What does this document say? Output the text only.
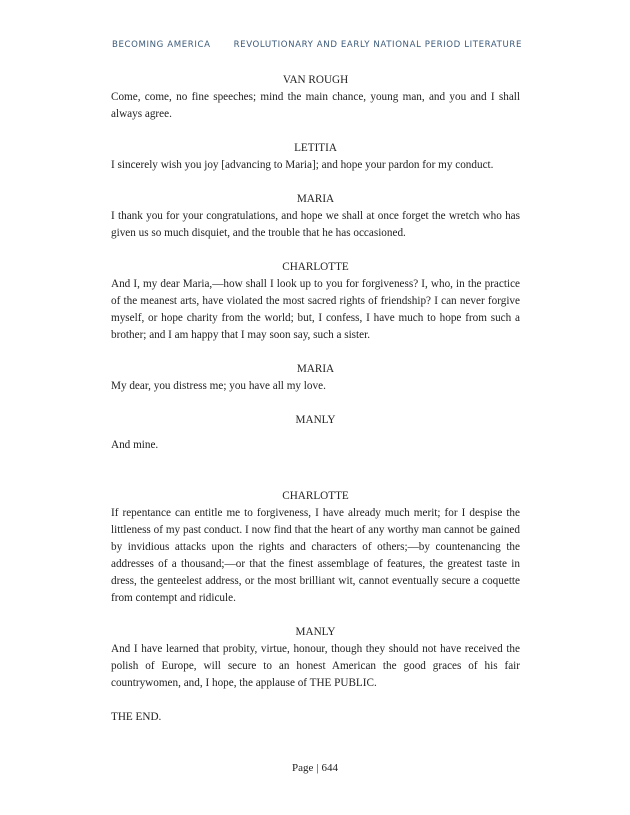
BECOMING AMERICA	REVOLUTIONARY AND EARLY NATIONAL PERIOD LITERATURE

VAN ROUGH

Come, come, no fine speeches; mind the main chance, young man, and you and I shall always agree.

LETITIA

I sincerely wish you joy [advancing to Maria]; and hope your pardon for my conduct.

MARIA

I thank you for your congratulations, and hope we shall at once forget the wretch who has given us so much disquiet, and the trouble that he has occasioned.

CHARLOTTE

And I, my dear Maria,—how shall I look up to you for forgiveness? I, who, in the practice of the meanest arts, have violated the most sacred rights of friendship? I can never forgive myself, or hope charity from the world; but, I confess, I have much to hope from such a brother; and I am happy that I may soon say, such a sister.

MARIA

My dear, you distress me; you have all my love.

MANLY

And mine.

CHARLOTTE

If repentance can entitle me to forgiveness, I have already much merit; for I despise the littleness of my past conduct. I now find that the heart of any worthy man cannot be gained by invidious attacks upon the rights and characters of others;—by countenancing the addresses of a thousand;—or that the finest assemblage of features, the greatest taste in dress, the genteelest address, or the most brilliant wit, cannot eventually secure a coquette from contempt and ridicule.

MANLY

And I have learned that probity, virtue, honour, though they should not have received the polish of Europe, will secure to an honest American the good graces of his fair countrywomen, and, I hope, the applause of THE PUBLIC.

THE END.

Page | 644
